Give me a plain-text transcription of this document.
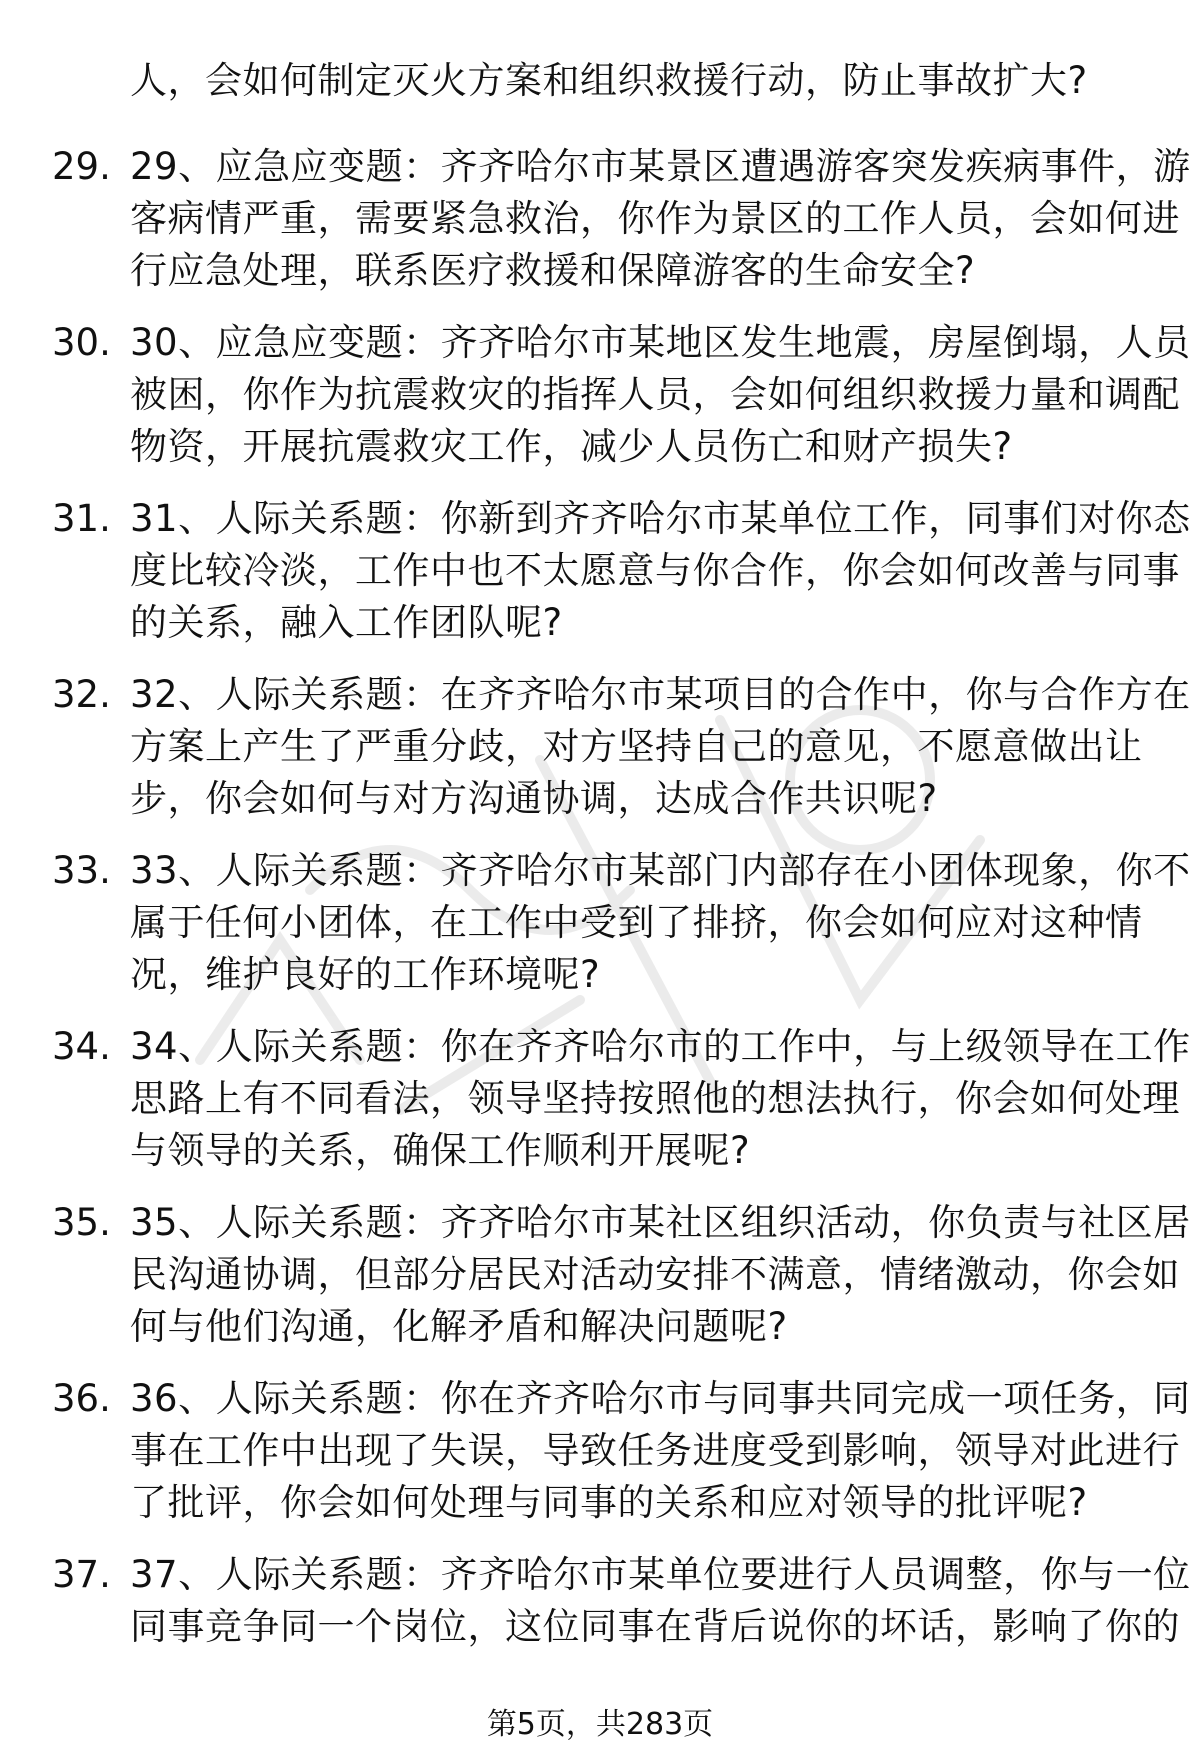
人，会如何制定灭火方案和组织救援行动，防止事故扩大?
29. 29、应急应变题：齐齐哈尔市某景区遭遇游客突发疾病事件，游
客病情严重，需要紧急救治，你作为景区的工作人员，会如何进
行应急处理，联系医疗救援和保障游客的生命安全?
30. 30、应急应变题：齐齐哈尔市某地区发生地震，房屋倒塌，人员
被困，你作为抗震救灾的指挥人员，会如何组织救援力量和调配
物资，开展抗震救灾工作，减少人员伤亡和财产损失?
31. 31、人际关系题：你新到齐齐哈尔市某单位工作，同事们对你态
度比较冷淡，工作中也不太愿意与你合作，你会如何改善与同事
的关系，融入工作团队呢?
32. 32、人际关系题：在齐齐哈尔市某项目的合作中，你与合作方在
方案上产生了严重分歧，对方坚持自己的意见，不愿意做出让
步，你会如何与对方沟通协调，达成合作共识呢?
33. 33、人际关系题：齐齐哈尔市某部门内部存在小团体现象，你不
属于任何小团体，在工作中受到了排挤，你会如何应对这种情
况，维护良好的工作环境呢?
34. 34、人际关系题：你在齐齐哈尔市的工作中，与上级领导在工作
思路上有不同看法，领导坚持按照他的想法执行，你会如何处理
与领导的关系，确保工作顺利开展呢?
35. 35、人际关系题：齐齐哈尔市某社区组织活动，你负责与社区居
民沟通协调，但部分居民对活动安排不满意，情绪激动，你会如
何与他们沟通，化解矛盾和解决问题呢?
36. 36、人际关系题：你在齐齐哈尔市与同事共同完成一项任务，同
事在工作中出现了失误，导致任务进度受到影响，领导对此进行
了批评，你会如何处理与同事的关系和应对领导的批评呢?
37. 37、人际关系题：齐齐哈尔市某单位要进行人员调整，你与一位
同事竞争同一个岗位，这位同事在背后说你的坏话，影响了你的
第5页，共283页
